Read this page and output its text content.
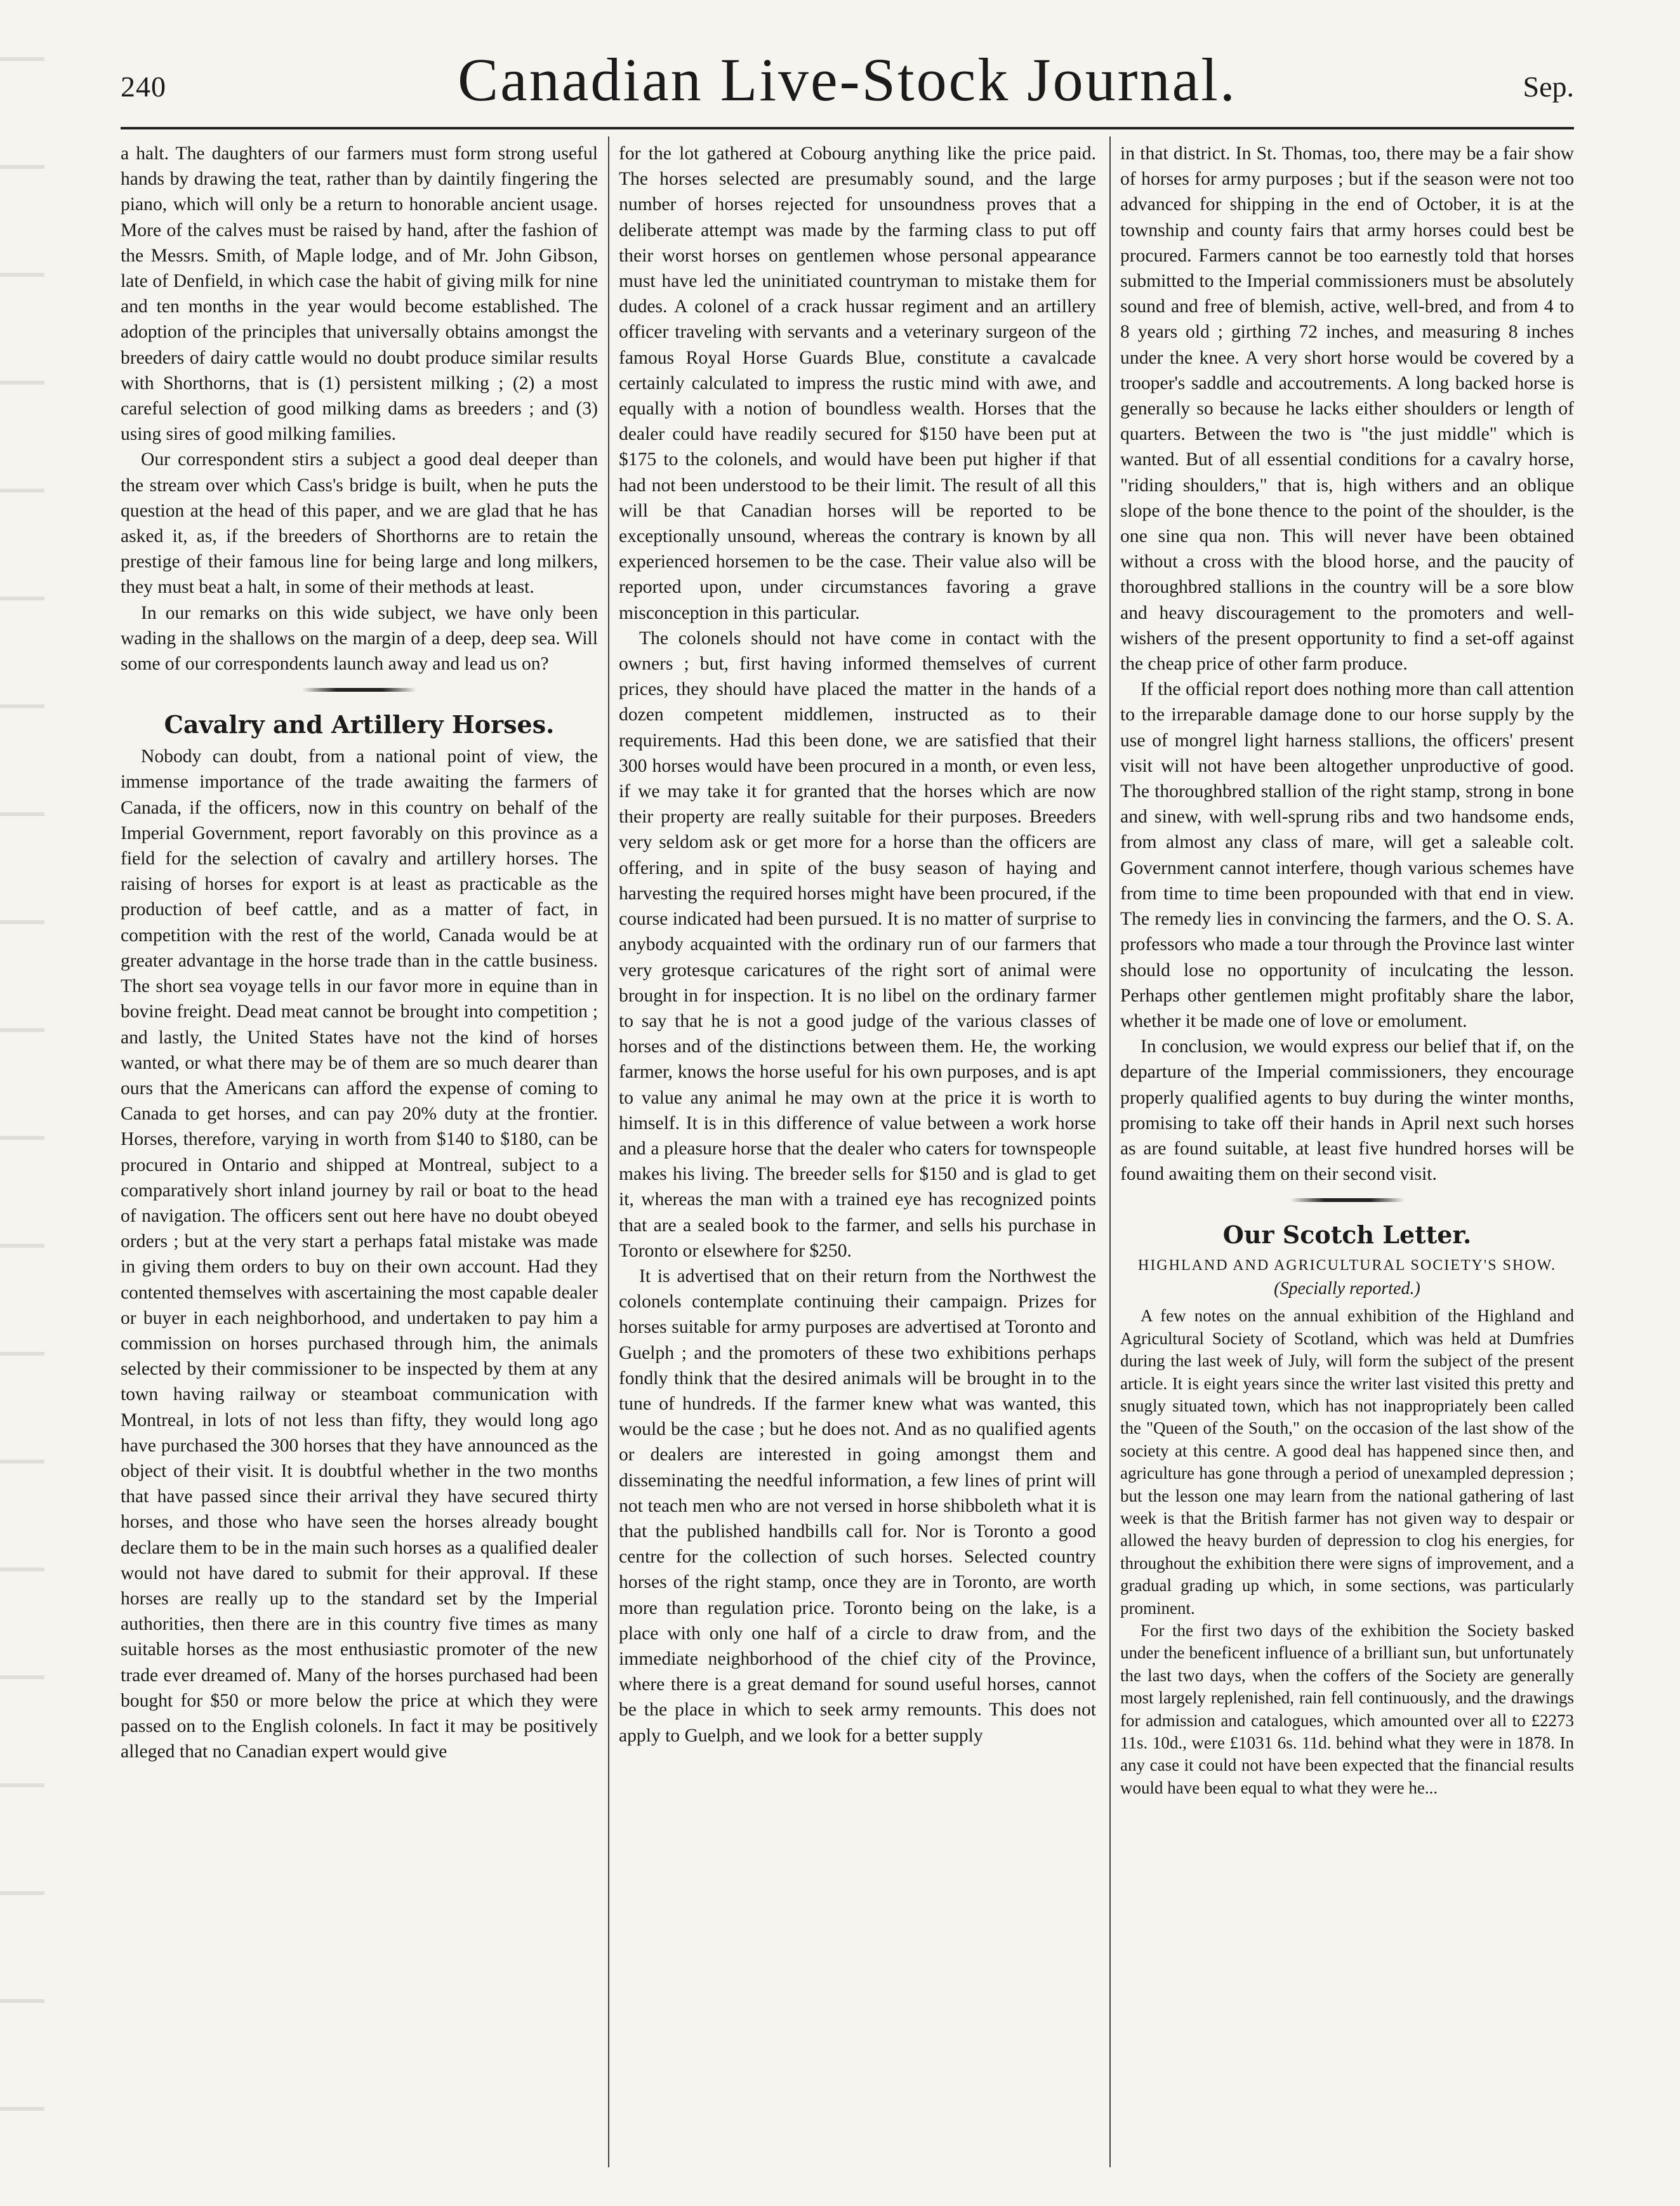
240	Canadian Live-Stock Journal.	Sep.

a halt. The daughters of our farmers must form strong useful hands by drawing the teat, rather than by daintily fingering the piano, which will only be a return to honorable ancient usage. More of the calves must be raised by hand, after the fashion of the Messrs. Smith, of Maple lodge, and of Mr. John Gibson, late of Denfield, in which case the habit of giving milk for nine and ten months in the year would become established. The adoption of the principles that universally obtains amongst the breeders of dairy cattle would no doubt produce similar results with Shorthorns, that is (1) persistent milking ; (2) a most careful selection of good milking dams as breeders ; and (3) using sires of good milking families.

Our correspondent stirs a subject a good deal deeper than the stream over which Cass's bridge is built, when he puts the question at the head of this paper, and we are glad that he has asked it, as, if the breeders of Shorthorns are to retain the prestige of their famous line for being large and long milkers, they must beat a halt, in some of their methods at least.

In our remarks on this wide subject, we have only been wading in the shallows on the margin of a deep, deep sea. Will some of our correspondents launch away and lead us on?

Cavalry and Artillery Horses.

Nobody can doubt, from a national point of view, the immense importance of the trade awaiting the farmers of Canada, if the officers, now in this country on behalf of the Imperial Government, report favorably on this province as a field for the selection of cavalry and artillery horses. The raising of horses for export is at least as practicable as the production of beef cattle, and as a matter of fact, in competition with the rest of the world, Canada would be at greater advantage in the horse trade than in the cattle business. The short sea voyage tells in our favor more in equine than in bovine freight. Dead meat cannot be brought into competition ; and lastly, the United States have not the kind of horses wanted, or what there may be of them are so much dearer than ours that the Americans can afford the expense of coming to Canada to get horses, and can pay 20% duty at the frontier. Horses, therefore, varying in worth from $140 to $180, can be procured in Ontario and shipped at Montreal, subject to a comparatively short inland journey by rail or boat to the head of navigation. The officers sent out here have no doubt obeyed orders ; but at the very start a perhaps fatal mistake was made in giving them orders to buy on their own account. Had they contented themselves with ascertaining the most capable dealer or buyer in each neighborhood, and undertaken to pay him a commission on horses purchased through him, the animals selected by their commissioner to be inspected by them at any town having railway or steamboat communication with Montreal, in lots of not less than fifty, they would long ago have purchased the 300 horses that they have announced as the object of their visit. It is doubtful whether in the two months that have passed since their arrival they have secured thirty horses, and those who have seen the horses already bought declare them to be in the main such horses as a qualified dealer would not have dared to submit for their approval. If these horses are really up to the standard set by the Imperial authorities, then there are in this country five times as many suitable horses as the most enthusiastic promoter of the new trade ever dreamed of. Many of the horses purchased had been bought for $50 or more below the price at which they were passed on to the English colonels. In fact it may be positively alleged that no Canadian expert would give

for the lot gathered at Cobourg anything like the price paid. The horses selected are presumably sound, and the large number of horses rejected for unsoundness proves that a deliberate attempt was made by the farming class to put off their worst horses on gentlemen whose personal appearance must have led the uninitiated countryman to mistake them for dudes. A colonel of a crack hussar regiment and an artillery officer traveling with servants and a veterinary surgeon of the famous Royal Horse Guards Blue, constitute a cavalcade certainly calculated to impress the rustic mind with awe, and equally with a notion of boundless wealth. Horses that the dealer could have readily secured for $150 have been put at $175 to the colonels, and would have been put higher if that had not been understood to be their limit. The result of all this will be that Canadian horses will be reported to be exceptionally unsound, whereas the contrary is known by all experienced horsemen to be the case. Their value also will be reported upon, under circumstances favoring a grave misconception in this particular.

The colonels should not have come in contact with the owners ; but, first having informed themselves of current prices, they should have placed the matter in the hands of a dozen competent middlemen, instructed as to their requirements. Had this been done, we are satisfied that their 300 horses would have been procured in a month, or even less, if we may take it for granted that the horses which are now their property are really suitable for their purposes. Breeders very seldom ask or get more for a horse than the officers are offering, and in spite of the busy season of haying and harvesting the required horses might have been procured, if the course indicated had been pursued. It is no matter of surprise to anybody acquainted with the ordinary run of our farmers that very grotesque caricatures of the right sort of animal were brought in for inspection. It is no libel on the ordinary farmer to say that he is not a good judge of the various classes of horses and of the distinctions between them. He, the working farmer, knows the horse useful for his own purposes, and is apt to value any animal he may own at the price it is worth to himself. It is in this difference of value between a work horse and a pleasure horse that the dealer who caters for townspeople makes his living. The breeder sells for $150 and is glad to get it, whereas the man with a trained eye has recognized points that are a sealed book to the farmer, and sells his purchase in Toronto or elsewhere for $250.

It is advertised that on their return from the Northwest the colonels contemplate continuing their campaign. Prizes for horses suitable for army purposes are advertised at Toronto and Guelph ; and the promoters of these two exhibitions perhaps fondly think that the desired animals will be brought in to the tune of hundreds. If the farmer knew what was wanted, this would be the case ; but he does not. And as no qualified agents or dealers are interested in going amongst them and disseminating the needful information, a few lines of print will not teach men who are not versed in horse shibboleth what it is that the published handbills call for. Nor is Toronto a good centre for the collection of such horses. Selected country horses of the right stamp, once they are in Toronto, are worth more than regulation price. Toronto being on the lake, is a place with only one half of a circle to draw from, and the immediate neighborhood of the chief city of the Province, where there is a great demand for sound useful horses, cannot be the place in which to seek army remounts. This does not apply to Guelph, and we look for a better supply

in that district. In St. Thomas, too, there may be a fair show of horses for army purposes ; but if the season were not too advanced for shipping in the end of October, it is at the township and county fairs that army horses could best be procured. Farmers cannot be too earnestly told that horses submitted to the Imperial commissioners must be absolutely sound and free of blemish, active, well-bred, and from 4 to 8 years old ; girthing 72 inches, and measuring 8 inches under the knee. A very short horse would be covered by a trooper's saddle and accoutrements. A long backed horse is generally so because he lacks either shoulders or length of quarters. Between the two is "the just middle" which is wanted. But of all essential conditions for a cavalry horse, "riding shoulders," that is, high withers and an oblique slope of the bone thence to the point of the shoulder, is the one sine qua non. This will never have been obtained without a cross with the blood horse, and the paucity of thoroughbred stallions in the country will be a sore blow and heavy discouragement to the promoters and well-wishers of the present opportunity to find a set-off against the cheap price of other farm produce.

If the official report does nothing more than call attention to the irreparable damage done to our horse supply by the use of mongrel light harness stallions, the officers' present visit will not have been altogether unproductive of good. The thoroughbred stallion of the right stamp, strong in bone and sinew, with well-sprung ribs and two handsome ends, from almost any class of mare, will get a saleable colt. Government cannot interfere, though various schemes have from time to time been propounded with that end in view. The remedy lies in convincing the farmers, and the O. S. A. professors who made a tour through the Province last winter should lose no opportunity of inculcating the lesson. Perhaps other gentlemen might profitably share the labor, whether it be made one of love or emolument.

In conclusion, we would express our belief that if, on the departure of the Imperial commissioners, they encourage properly qualified agents to buy during the winter months, promising to take off their hands in April next such horses as are found suitable, at least five hundred horses will be found awaiting them on their second visit.

Our Scotch Letter.
HIGHLAND AND AGRICULTURAL SOCIETY'S SHOW.
(Specially reported.)

A few notes on the annual exhibition of the Highland and Agricultural Society of Scotland, which was held at Dumfries during the last week of July, will form the subject of the present article. It is eight years since the writer last visited this pretty and snugly situated town, which has not inappropriately been called the "Queen of the South," on the occasion of the last show of the society at this centre. A good deal has happened since then, and agriculture has gone through a period of unexampled depression ; but the lesson one may learn from the national gathering of last week is that the British farmer has not given way to despair or allowed the heavy burden of depression to clog his energies, for throughout the exhibition there were signs of improvement, and a gradual grading up which, in some sections, was particularly prominent.

For the first two days of the exhibition the Society basked under the beneficent influence of a brilliant sun, but unfortunately the last two days, when the coffers of the Society are generally most largely replenished, rain fell continuously, and the drawings for admission and catalogues, which amounted over all to £2273 11s. 10d., were £1031 6s. 11d. behind what they were in 1878. In any case it could not have been expected that the financial results would have been equal to what they were he...
